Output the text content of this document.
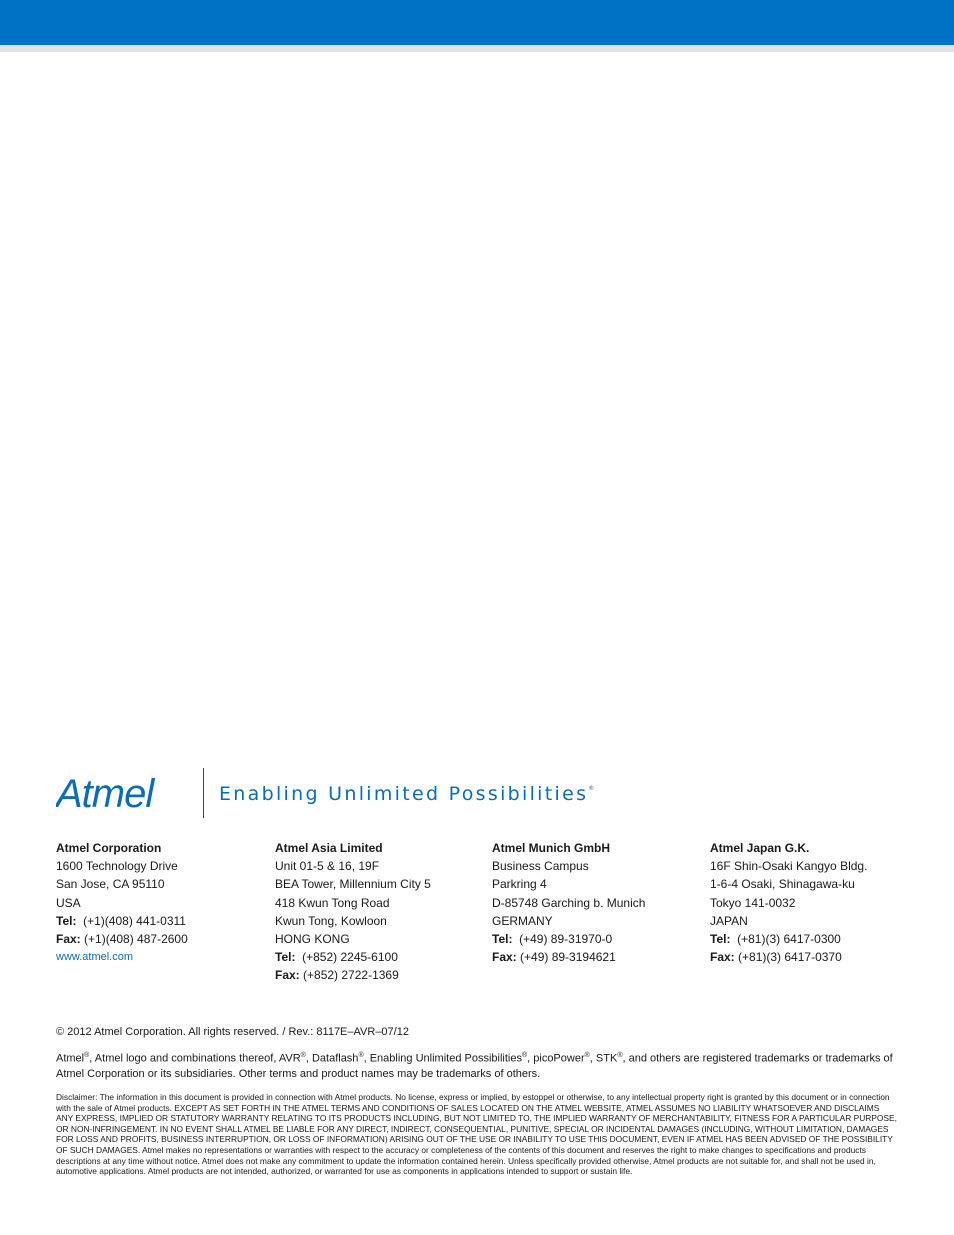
Atmel	Enabling Unlimited Possibilities®
Atmel Corporation
1600 Technology Drive
San Jose, CA 95110
USA
Tel: (+1)(408) 441-0311
Fax: (+1)(408) 487-2600
www.atmel.com
Atmel Asia Limited
Unit 01-5 & 16, 19F
BEA Tower, Millennium City 5
418 Kwun Tong Road
Kwun Tong, Kowloon
HONG KONG
Tel: (+852) 2245-6100
Fax: (+852) 2722-1369
Atmel Munich GmbH
Business Campus
Parkring 4
D-85748 Garching b. Munich
GERMANY
Tel: (+49) 89-31970-0
Fax: (+49) 89-3194621
Atmel Japan G.K.
16F Shin-Osaki Kangyo Bldg.
1-6-4 Osaki, Shinagawa-ku
Tokyo 141-0032
JAPAN
Tel: (+81)(3) 6417-0300
Fax: (+81)(3) 6417-0370
© 2012 Atmel Corporation. All rights reserved. / Rev.: 8117E–AVR–07/12
Atmel®, Atmel logo and combinations thereof, AVR®, Dataflash®, Enabling Unlimited Possibilities®, picoPower®, STK®, and others are registered trademarks or trademarks of Atmel Corporation or its subsidiaries. Other terms and product names may be trademarks of others.
Disclaimer: The information in this document is provided in connection with Atmel products. No license, express or implied, by estoppel or otherwise, to any intellectual property right is granted by this document or in connection with the sale of Atmel products. EXCEPT AS SET FORTH IN THE ATMEL TERMS AND CONDITIONS OF SALES LOCATED ON THE ATMEL WEBSITE, ATMEL ASSUMES NO LIABILITY WHATSOEVER AND DISCLAIMS ANY EXPRESS, IMPLIED OR STATUTORY WARRANTY RELATING TO ITS PRODUCTS INCLUDING, BUT NOT LIMITED TO, THE IMPLIED WARRANTY OF MERCHANTABILITY, FITNESS FOR A PARTICULAR PURPOSE, OR NON-INFRINGEMENT. IN NO EVENT SHALL ATMEL BE LIABLE FOR ANY DIRECT, INDIRECT, CONSEQUENTIAL, PUNITIVE, SPECIAL OR INCIDENTAL DAMAGES (INCLUDING, WITHOUT LIMITATION, DAMAGES FOR LOSS AND PROFITS, BUSINESS INTERRUPTION, OR LOSS OF INFORMATION) ARISING OUT OF THE USE OR INABILITY TO USE THIS DOCUMENT, EVEN IF ATMEL HAS BEEN ADVISED OF THE POSSIBILITY OF SUCH DAMAGES. Atmel makes no representations or warranties with respect to the accuracy or completeness of the contents of this document and reserves the right to make changes to specifications and products descriptions at any time without notice. Atmel does not make any commitment to update the information contained herein. Unless specifically provided otherwise, Atmel products are not suitable for, and shall not be used in, automotive applications. Atmel products are not intended, authorized, or warranted for use as components in applications intended to support or sustain life.
